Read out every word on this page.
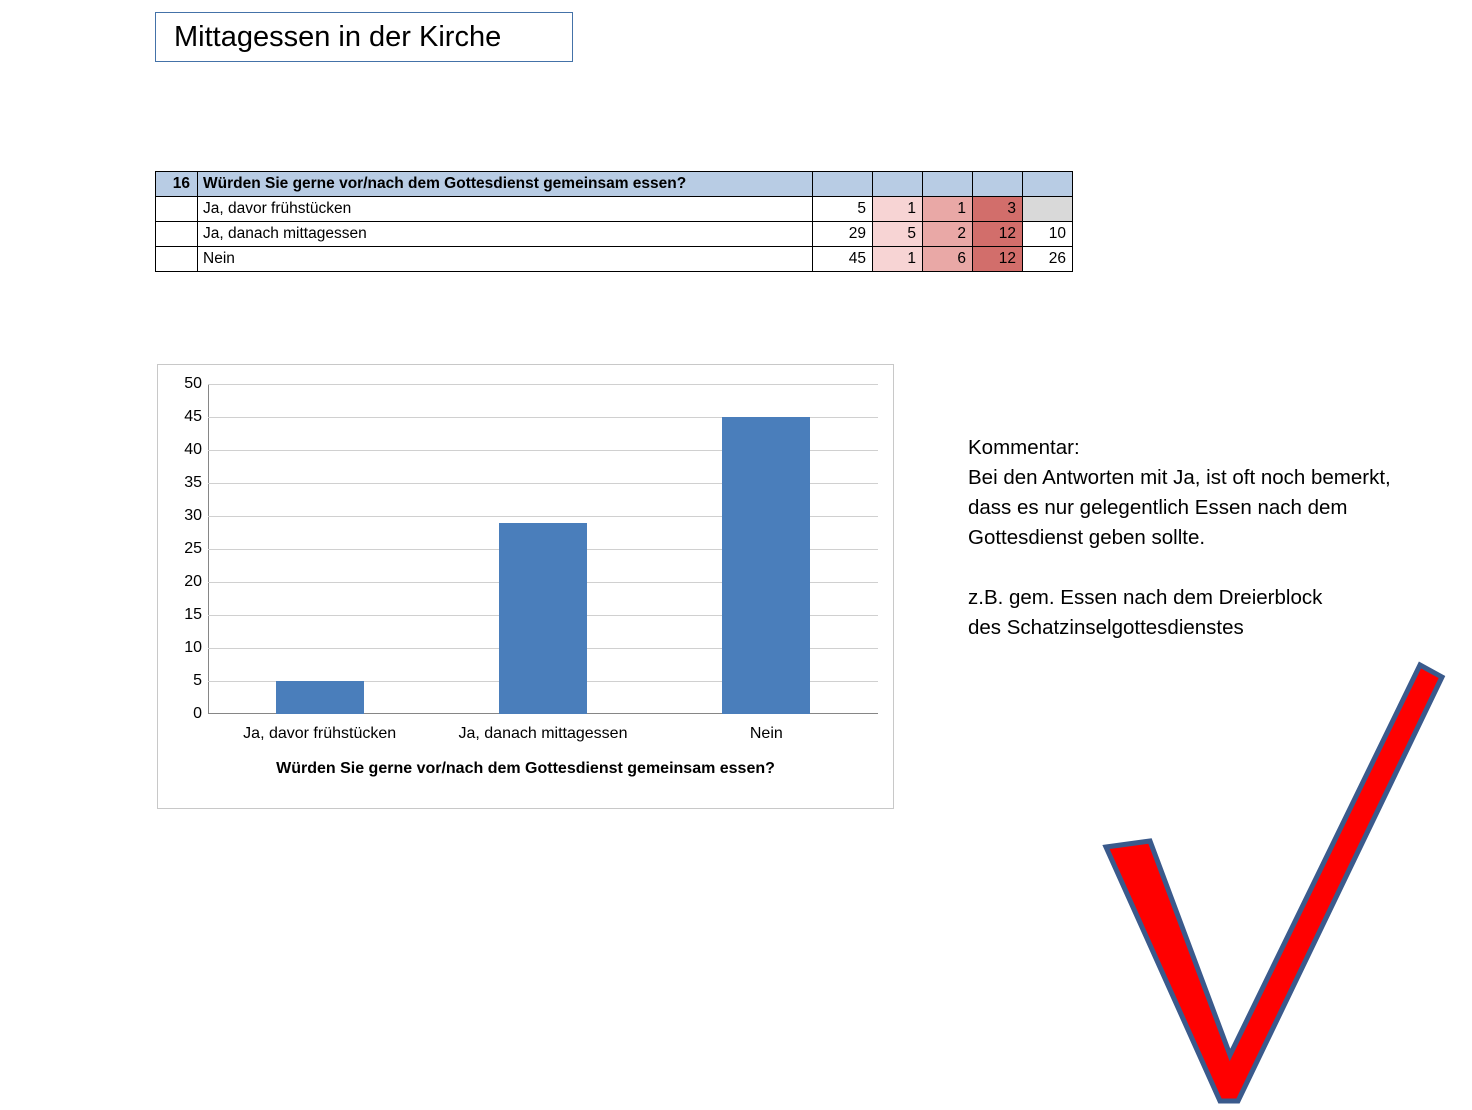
Mittagessen in der Kirche
16	Würden Sie gerne vor/nach dem Gottesdienst gemeinsam essen?					
	Ja, davor frühstücken	5	1	1	3	
	Ja, danach mittagessen	29	5	2	12	10
	Nein	45	1	6	12	26
0
5
10
15
20
25
30
35
40
45
50
Ja, davor frühstücken	Ja, danach mittagessen	Nein
Würden Sie gerne vor/nach dem Gottesdienst gemeinsam essen?

Kommentar:

Bei den Antworten mit Ja, ist oft noch bemerkt,

dass es nur gelegentlich Essen nach dem

Gottesdienst geben sollte.

z.B. gem. Essen nach dem Dreierblock

des Schatzinselgottesdienstes
